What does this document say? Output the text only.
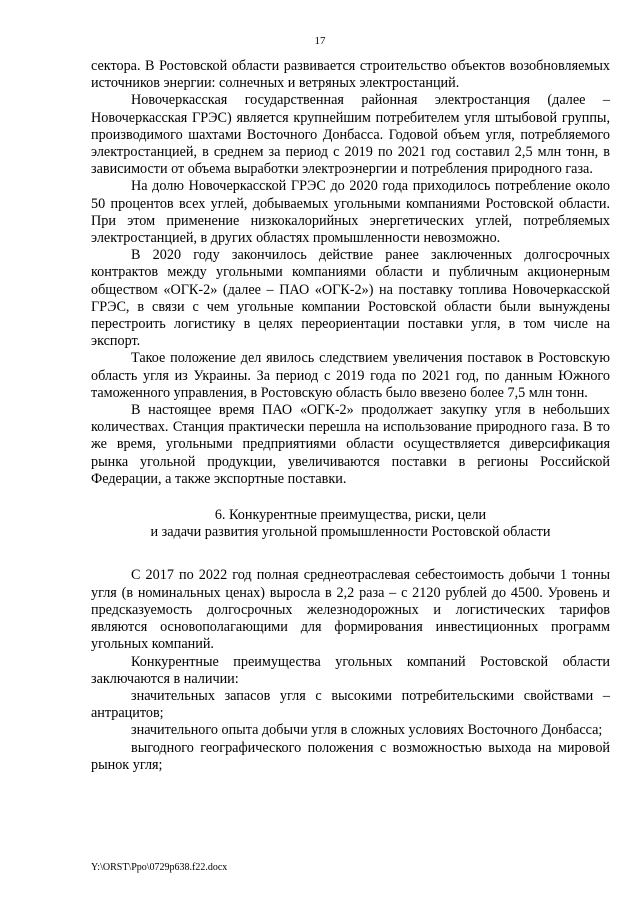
17

сектора. В Ростовской области развивается строительство объектов возобновляемых источников энергии: солнечных и ветряных электростанций.

Новочеркасская государственная районная электростанция (далее – Новочеркасская ГРЭС) является крупнейшим потребителем угля штыбовой группы, производимого шахтами Восточного Донбасса. Годовой объем угля, потребляемого электростанцией, в среднем за период с 2019 по 2021 год составил 2,5 млн тонн, в зависимости от объема выработки электроэнергии и потребления природного газа.

На долю Новочеркасской ГРЭС до 2020 года приходилось потребление около 50 процентов всех углей, добываемых угольными компаниями Ростовской области. При этом применение низкокалорийных энергетических углей, потребляемых электростанцией, в других областях промышленности невозможно.

В 2020 году закончилось действие ранее заключенных долгосрочных контрактов между угольными компаниями области и публичным акционерным обществом «ОГК-2» (далее – ПАО «ОГК-2») на поставку топлива Новочеркасской ГРЭС, в связи с чем угольные компании Ростовской области были вынуждены перестроить логистику в целях переориентации поставки угля, в том числе на экспорт.

Такое положение дел явилось следствием увеличения поставок в Ростовскую область угля из Украины. За период с 2019 года по 2021 год, по данным Южного таможенного управления, в Ростовскую область было ввезено более 7,5 млн тонн.

В настоящее время ПАО «ОГК-2» продолжает закупку угля в небольших количествах. Станция практически перешла на использование природного газа. В то же время, угольными предприятиями области осуществляется диверсификация рынка угольной продукции, увеличиваются поставки в регионы Российской Федерации, а также экспортные поставки.

6. Конкурентные преимущества, риски, цели
и задачи развития угольной промышленности Ростовской области

С 2017 по 2022 год полная среднеотраслевая себестоимость добычи 1 тонны угля (в номинальных ценах) выросла в 2,2 раза – с 2120 рублей до 4500. Уровень и предсказуемость долгосрочных железнодорожных и логистических тарифов являются основополагающими для формирования инвестиционных программ угольных компаний.

Конкурентные преимущества угольных компаний Ростовской области заключаются в наличии:

значительных запасов угля с высокими потребительскими свойствами – антрацитов;

значительного опыта добычи угля в сложных условиях Восточного Донбасса;

выгодного географического положения с возможностью выхода на мировой рынок угля;

Y:\ORST\Ppo\0729p638.f22.docx
